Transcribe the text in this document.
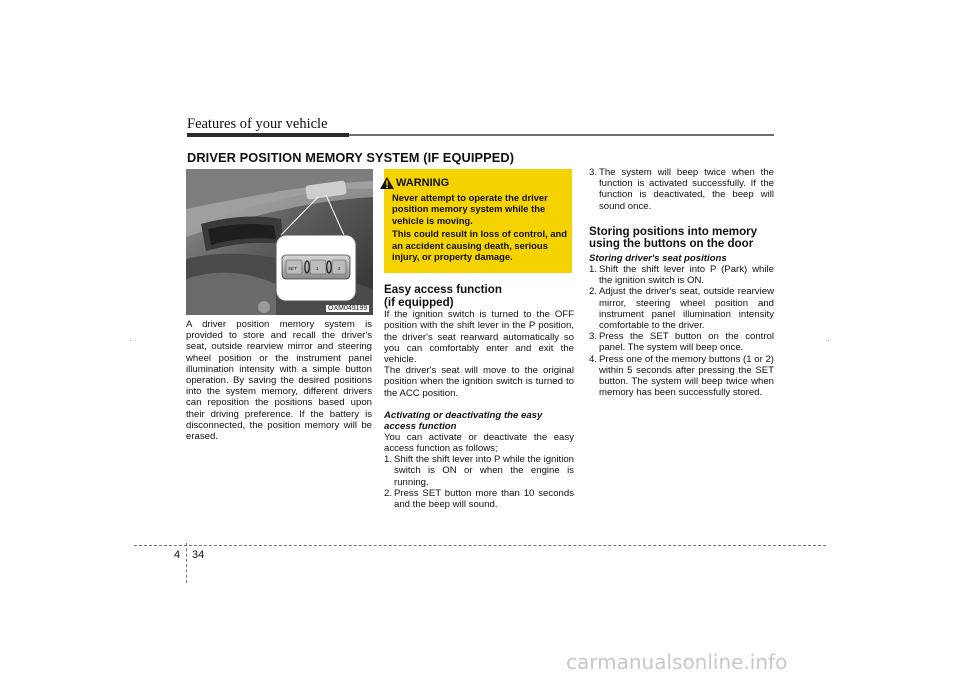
Features of your vehicle
DRIVER POSITION MEMORY SYSTEM (IF EQUIPPED)
SET	1	2
OXM049199
A driver position memory system is provided to store and recall the driver's seat, outside rearview mirror and steering wheel position or the instrument panel illumination intensity with a simple button operation. By saving the desired positions into the system memory, different drivers can reposition the positions based upon their driving preference. If the battery is disconnected, the position memory will be erased.
WARNING
Never attempt to operate the driver position memory system while the vehicle is moving.
This could result in loss of control, and an accident causing death, serious injury, or property damage.
Easy access function
(if equipped)
If the ignition switch is turned to the OFF position with the shift lever in the P position, the driver's seat rearward automatically so you can comfortably enter and exit the vehicle.
The driver's seat will move to the original position when the ignition switch is turned to the ACC position.
Activating or deactivating the easy
access function
You can activate or deactivate the easy access function as follows;
1. Shift the shift lever into P while the ignition switch is ON or when the engine is running.
2. Press SET button more than 10 seconds and the beep will sound.
3. The system will beep twice when the function is activated successfully. If the function is deactivated, the beep will sound once.
Storing positions into memory
using the buttons on the door
Storing driver's seat positions
1. Shift the shift lever into P (Park) while the ignition switch is ON.
2. Adjust the driver's seat, outside rearview mirror, steering wheel position and instrument panel illumination intensity comfortable to the driver.
3. Press the SET button on the control panel. The system will beep once.
4. Press one of the memory buttons (1 or 2) within 5 seconds after pressing the SET button. The system will beep twice when memory has been successfully stored.
4 34
carmanualsonline.info
